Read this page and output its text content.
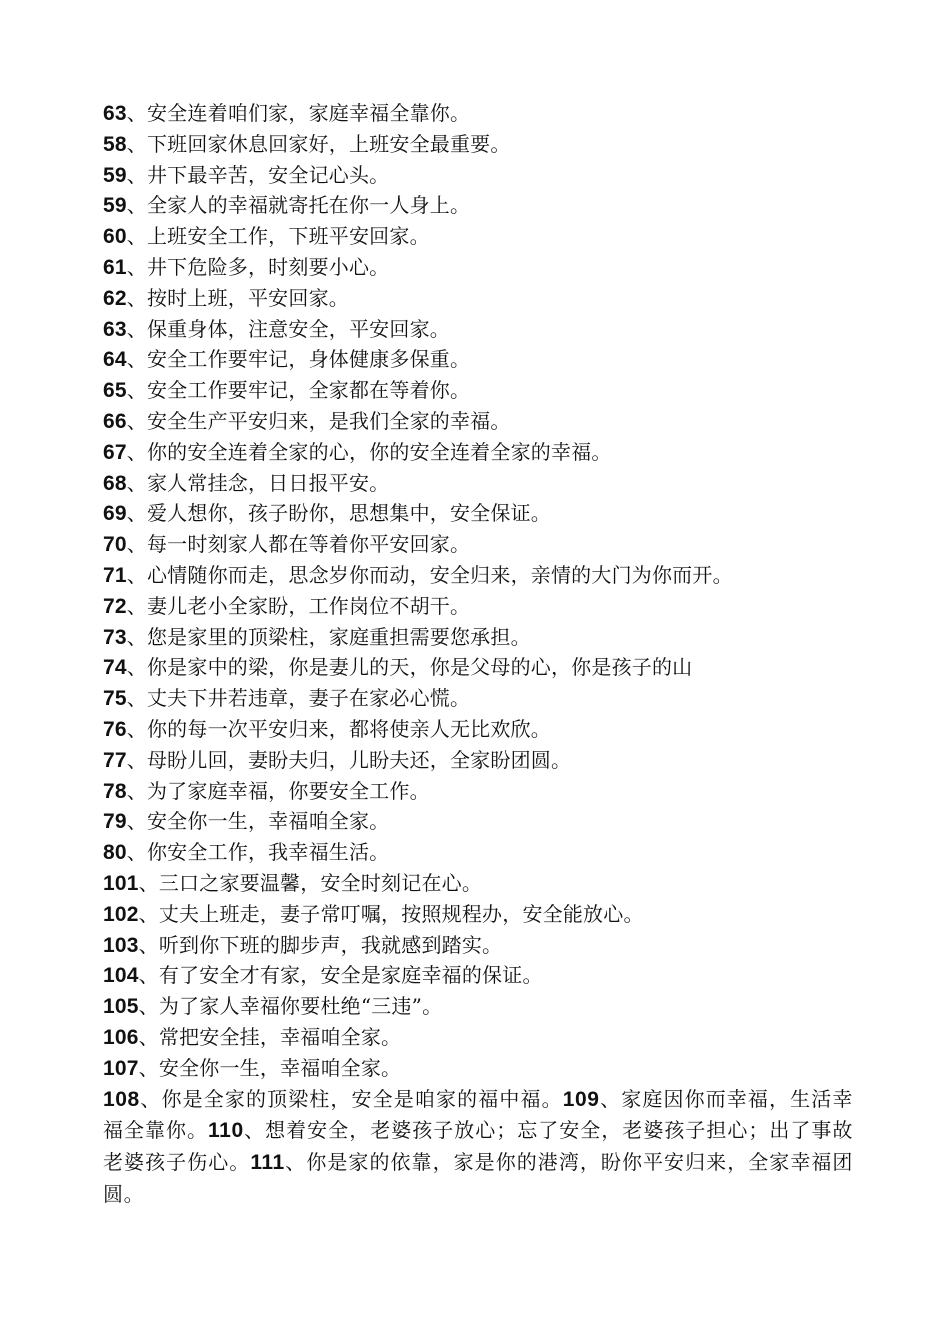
63、安全连着咱们家，家庭幸福全靠你。
58、下班回家休息回家好，上班安全最重要。
59、井下最辛苦，安全记心头。
59、全家人的幸福就寄托在你一人身上。
60、上班安全工作，下班平安回家。
61、井下危险多，时刻要小心。
62、按时上班，平安回家。
63、保重身体，注意安全，平安回家。
64、安全工作要牢记，身体健康多保重。
65、安全工作要牢记，全家都在等着你。
66、安全生产平安归来，是我们全家的幸福。
67、你的安全连着全家的心，你的安全连着全家的幸福。
68、家人常挂念，日日报平安。
69、爱人想你，孩子盼你，思想集中，安全保证。
70、每一时刻家人都在等着你平安回家。
71、心情随你而走，思念岁你而动，安全归来，亲情的大门为你而开。
72、妻儿老小全家盼，工作岗位不胡干。
73、您是家里的顶梁柱，家庭重担需要您承担。
74、你是家中的梁，你是妻儿的天，你是父母的心，你是孩子的山
75、丈夫下井若违章，妻子在家必心慌。
76、你的每一次平安归来，都将使亲人无比欢欣。
77、母盼儿回，妻盼夫归，儿盼夫还，全家盼团圆。
78、为了家庭幸福，你要安全工作。
79、安全你一生，幸福咱全家。
80、你安全工作，我幸福生活。
101、三口之家要温馨，安全时刻记在心。
102、丈夫上班走，妻子常叮嘱，按照规程办，安全能放心。
103、听到你下班的脚步声，我就感到踏实。
104、有了安全才有家，安全是家庭幸福的保证。
105、为了家人幸福你要杜绝“三违”。
106、常把安全挂，幸福咱全家。
107、安全你一生，幸福咱全家。

108、你是全家的顶梁柱，安全是咱家的福中福。109、家庭因你而幸福，生活幸福全靠你。110、想着安全，老婆孩子放心；忘了安全，老婆孩子担心；出了事故老婆孩子伤心。111、你是家的依靠，家是你的港湾，盼你平安归来，全家幸福团圆。
